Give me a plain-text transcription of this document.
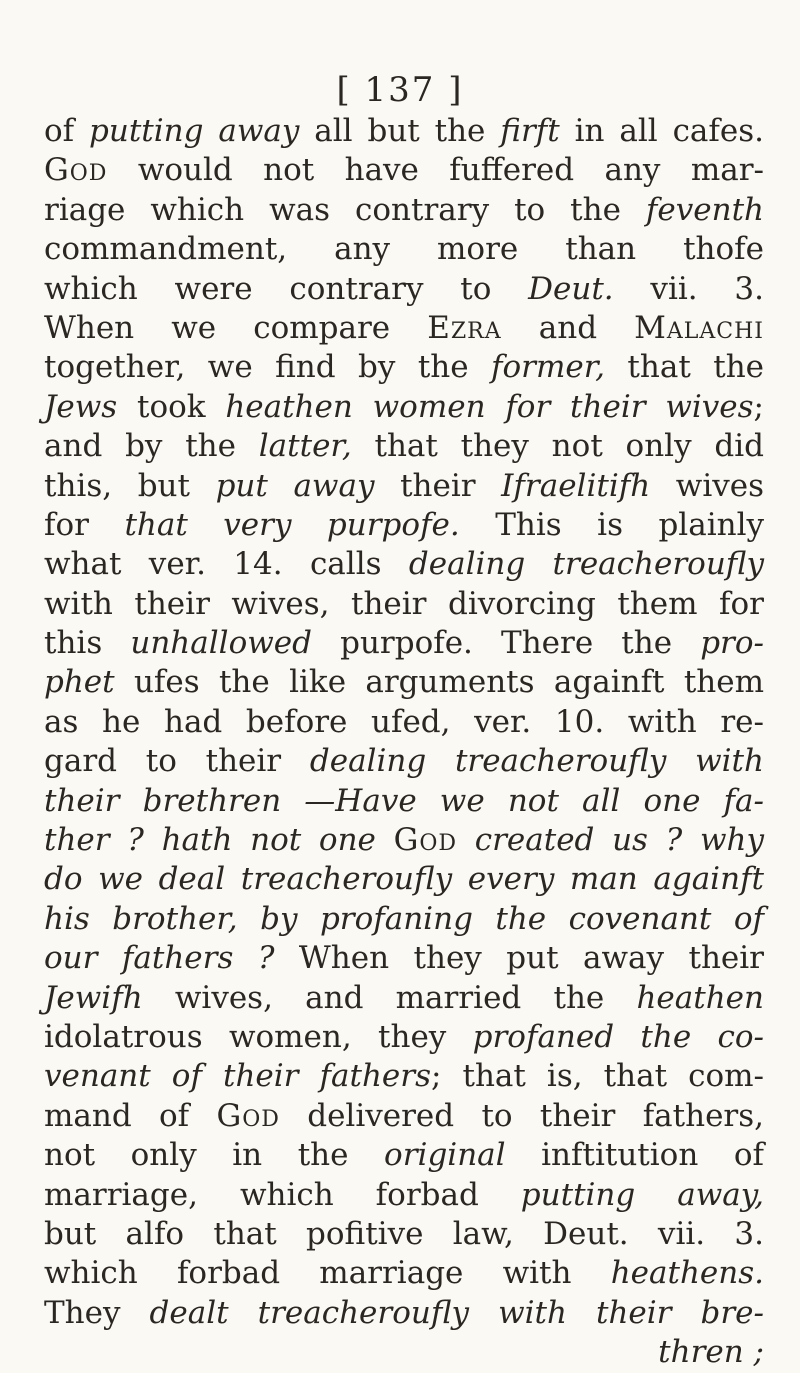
[ 137 ]
of putting away all but the firft in all cafes.
God would not have fuffered any mar-
riage which was contrary to the feventh
commandment, any more than thofe
which were contrary to Deut. vii. 3.
When we compare Ezra and Malachi
together, we find by the former, that the
Jews took heathen women for their wives;
and by the latter, that they not only did
this, but put away their Ifraelitifh wives
for that very purpofe. This is plainly
what ver. 14. calls dealing treacheroufly
with their wives, their divorcing them for
this unhallowed purpofe. There the pro-
phet ufes the like arguments againft them
as he had before ufed, ver. 10. with re-
gard to their dealing treacheroufly with
their brethren —Have we not all one fa-
ther ? hath not one God created us ? why
do we deal treacheroufly every man againft
his brother, by profaning the covenant of
our fathers ? When they put away their
Jewifh wives, and married the heathen
idolatrous women, they profaned the co-
venant of their fathers; that is, that com-
mand of God delivered to their fathers,
not only in the original inftitution of
marriage, which forbad putting away,
but alfo that pofitive law, Deut. vii. 3.
which forbad marriage with heathens.
They dealt treacheroufly with their bre-
thren ;
